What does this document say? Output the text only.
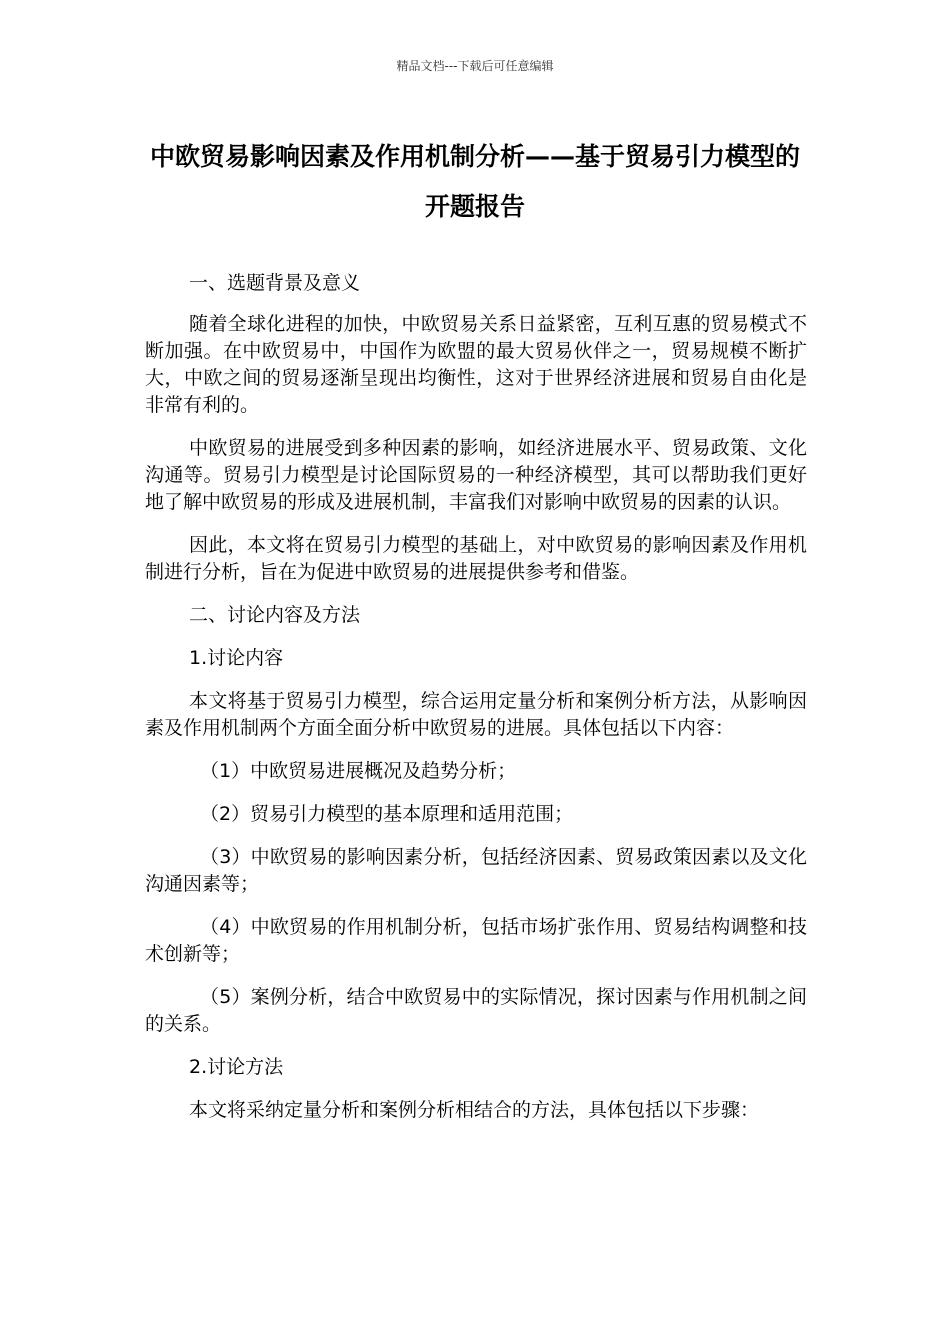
精品文档---下载后可任意编辑
中欧贸易影响因素及作用机制分析——基于贸易引力模型的开题报告

一、选题背景及意义

随着全球化进程的加快，中欧贸易关系日益紧密，互利互惠的贸易模式不断加强。在中欧贸易中，中国作为欧盟的最大贸易伙伴之一，贸易规模不断扩大，中欧之间的贸易逐渐呈现出均衡性，这对于世界经济进展和贸易自由化是非常有利的。

中欧贸易的进展受到多种因素的影响，如经济进展水平、贸易政策、文化沟通等。贸易引力模型是讨论国际贸易的一种经济模型，其可以帮助我们更好地了解中欧贸易的形成及进展机制，丰富我们对影响中欧贸易的因素的认识。

因此，本文将在贸易引力模型的基础上，对中欧贸易的影响因素及作用机制进行分析，旨在为促进中欧贸易的进展提供参考和借鉴。

二、讨论内容及方法

1.讨论内容

本文将基于贸易引力模型，综合运用定量分析和案例分析方法，从影响因素及作用机制两个方面全面分析中欧贸易的进展。具体包括以下内容：

（1）中欧贸易进展概况及趋势分析；

（2）贸易引力模型的基本原理和适用范围；

（3）中欧贸易的影响因素分析，包括经济因素、贸易政策因素以及文化沟通因素等；

（4）中欧贸易的作用机制分析，包括市场扩张作用、贸易结构调整和技术创新等；

（5）案例分析，结合中欧贸易中的实际情况，探讨因素与作用机制之间的关系。

2.讨论方法

本文将采纳定量分析和案例分析相结合的方法，具体包括以下步骤：
